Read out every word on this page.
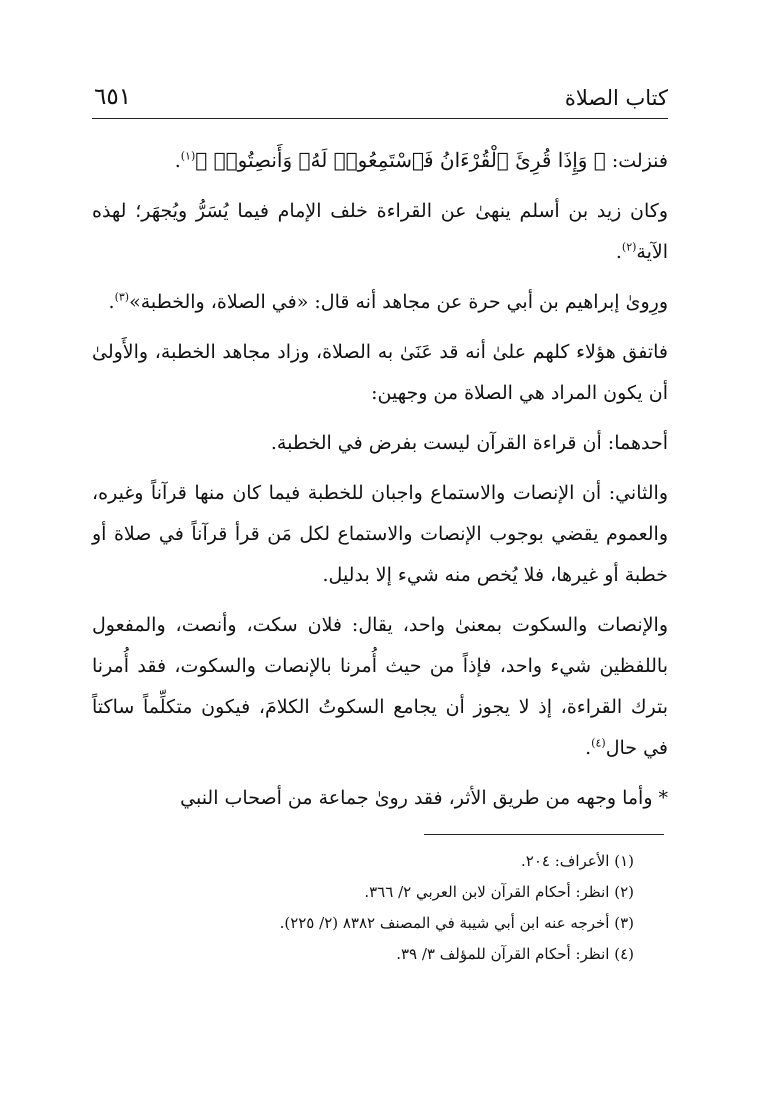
كتاب الصلاة
٦٥١

فنزلت: ﴿ وَإِذَا قُرِئَ ٱلْقُرْءَانُ فَٱسْتَمِعُوا۟ لَهُۥ وَأَنصِتُوا۟ ﴾$^{(١)}$.

وكان زيد بن أسلم ينهىٰ عن القراءة خلف الإمام فيما يُسَرُّ ويُجهَر؛ لهذه الآية$^{(٢)}$.

ورِوىٰ إبراهيم بن أبي حرة عن مجاهد أنه قال: «في الصلاة، والخطبة»$^{(٣)}$.

فاتفق هؤلاء كلهم علىٰ أنه قد عَنَىٰ به الصلاة، وزاد مجاهد الخطبة، والأَولىٰ أن يكون المراد هي الصلاة من وجهين:

أحدهما: أن قراءة القرآن ليست بفرض في الخطبة.

والثاني: أن الإنصات والاستماع واجبان للخطبة فيما كان منها قرآناً وغيره، والعموم يقضي بوجوب الإنصات والاستماع لكل مَن قرأ قرآناً في صلاة أو خطبة أو غيرها، فلا يُخص منه شيء إلا بدليل.

والإنصات والسكوت بمعنىٰ واحد، يقال: فلان سكت، وأنصت، والمفعول باللفظين شيء واحد، فإذاً من حيث أُمرنا بالإنصات والسكوت، فقد أُمرنا بترك القراءة، إذ لا يجوز أن يجامع السكوتُ الكلامَ، فيكون متكلِّماً ساكتاً في حال$^{(٤)}$.

*وأما وجهه من طريق الأثر، فقد روىٰ جماعة من أصحاب النبي

(١) الأعراف: ٢٠٤.

(٢) انظر: أحكام القرآن لابن العربي ٢/ ٣٦٦.

(٣) أخرجه عنه ابن أبي شيبة في المصنف ٨٣٨٢ (٢/ ٢٢٥).

(٤) انظر: أحكام القرآن للمؤلف ٣/ ٣٩.
